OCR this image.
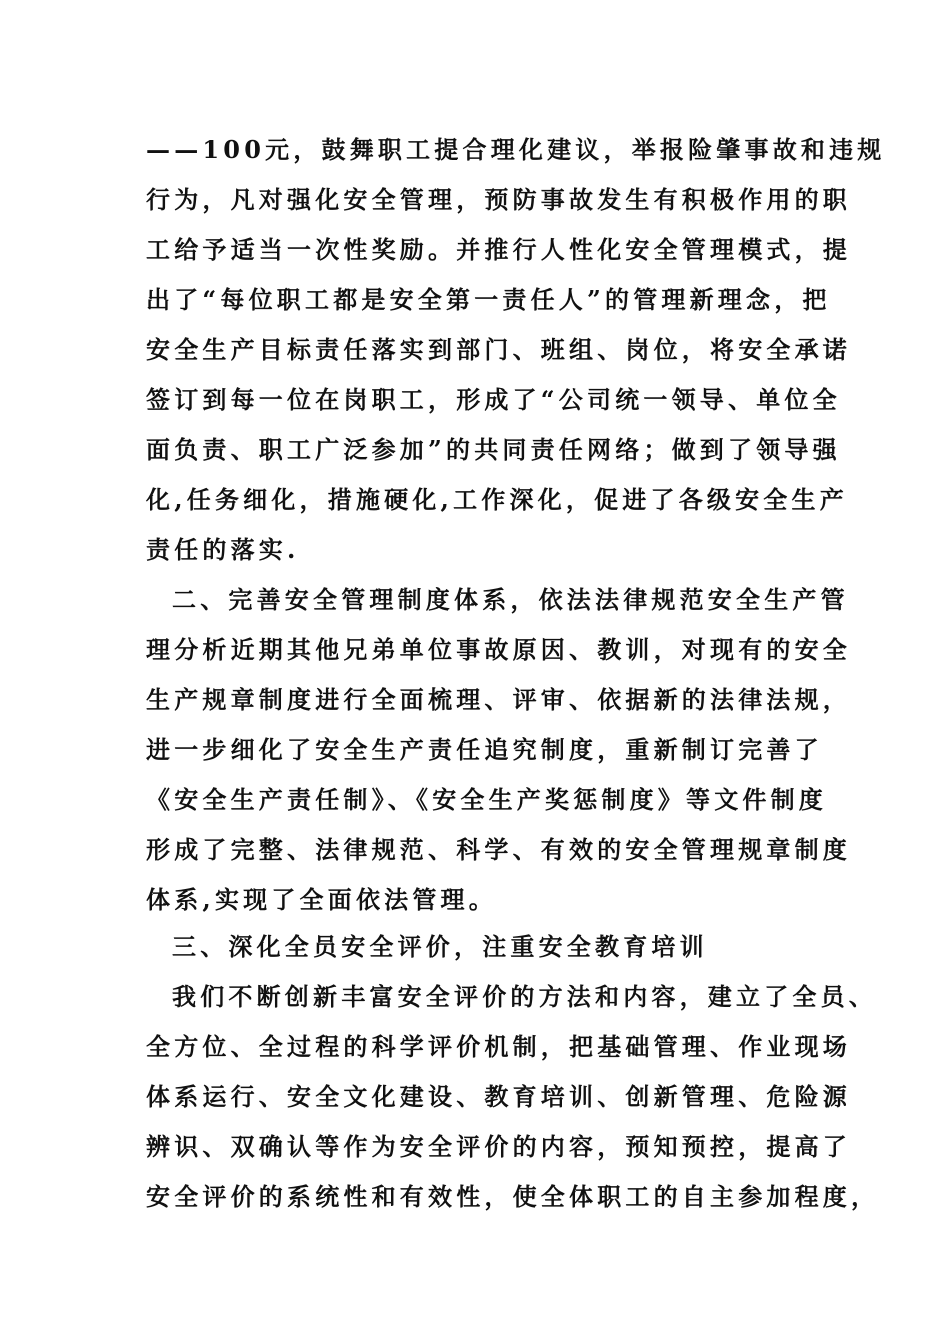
——100元，鼓舞职工提合理化建议，举报险肇事故和违规
行为，凡对强化安全管理，预防事故发生有积极作用的职
工给予适当一次性奖励。并推行人性化安全管理模式，提
出了“每位职工都是安全第一责任人”的管理新理念，把
安全生产目标责任落实到部门、班组、岗位，将安全承诺
签订到每一位在岗职工，形成了“公司统一领导、单位全
面负责、职工广泛参加”的共同责任网络；做到了领导强
化,任务细化，措施硬化,工作深化，促进了各级安全生产
责任的落实.
二、完善安全管理制度体系，依法法律规范安全生产管
理分析近期其他兄弟单位事故原因、教训，对现有的安全
生产规章制度进行全面梳理、评审、依据新的法律法规，
进一步细化了安全生产责任追究制度，重新制订完善了
《安全生产责任制》、《安全生产奖惩制度》等文件制度
形成了完整、法律规范、科学、有效的安全管理规章制度
体系,实现了全面依法管理。
三、深化全员安全评价，注重安全教育培训
我们不断创新丰富安全评价的方法和内容，建立了全员、
全方位、全过程的科学评价机制，把基础管理、作业现场
体系运行、安全文化建设、教育培训、创新管理、危险源
辨识、双确认等作为安全评价的内容，预知预控，提高了
安全评价的系统性和有效性，使全体职工的自主参加程度，
